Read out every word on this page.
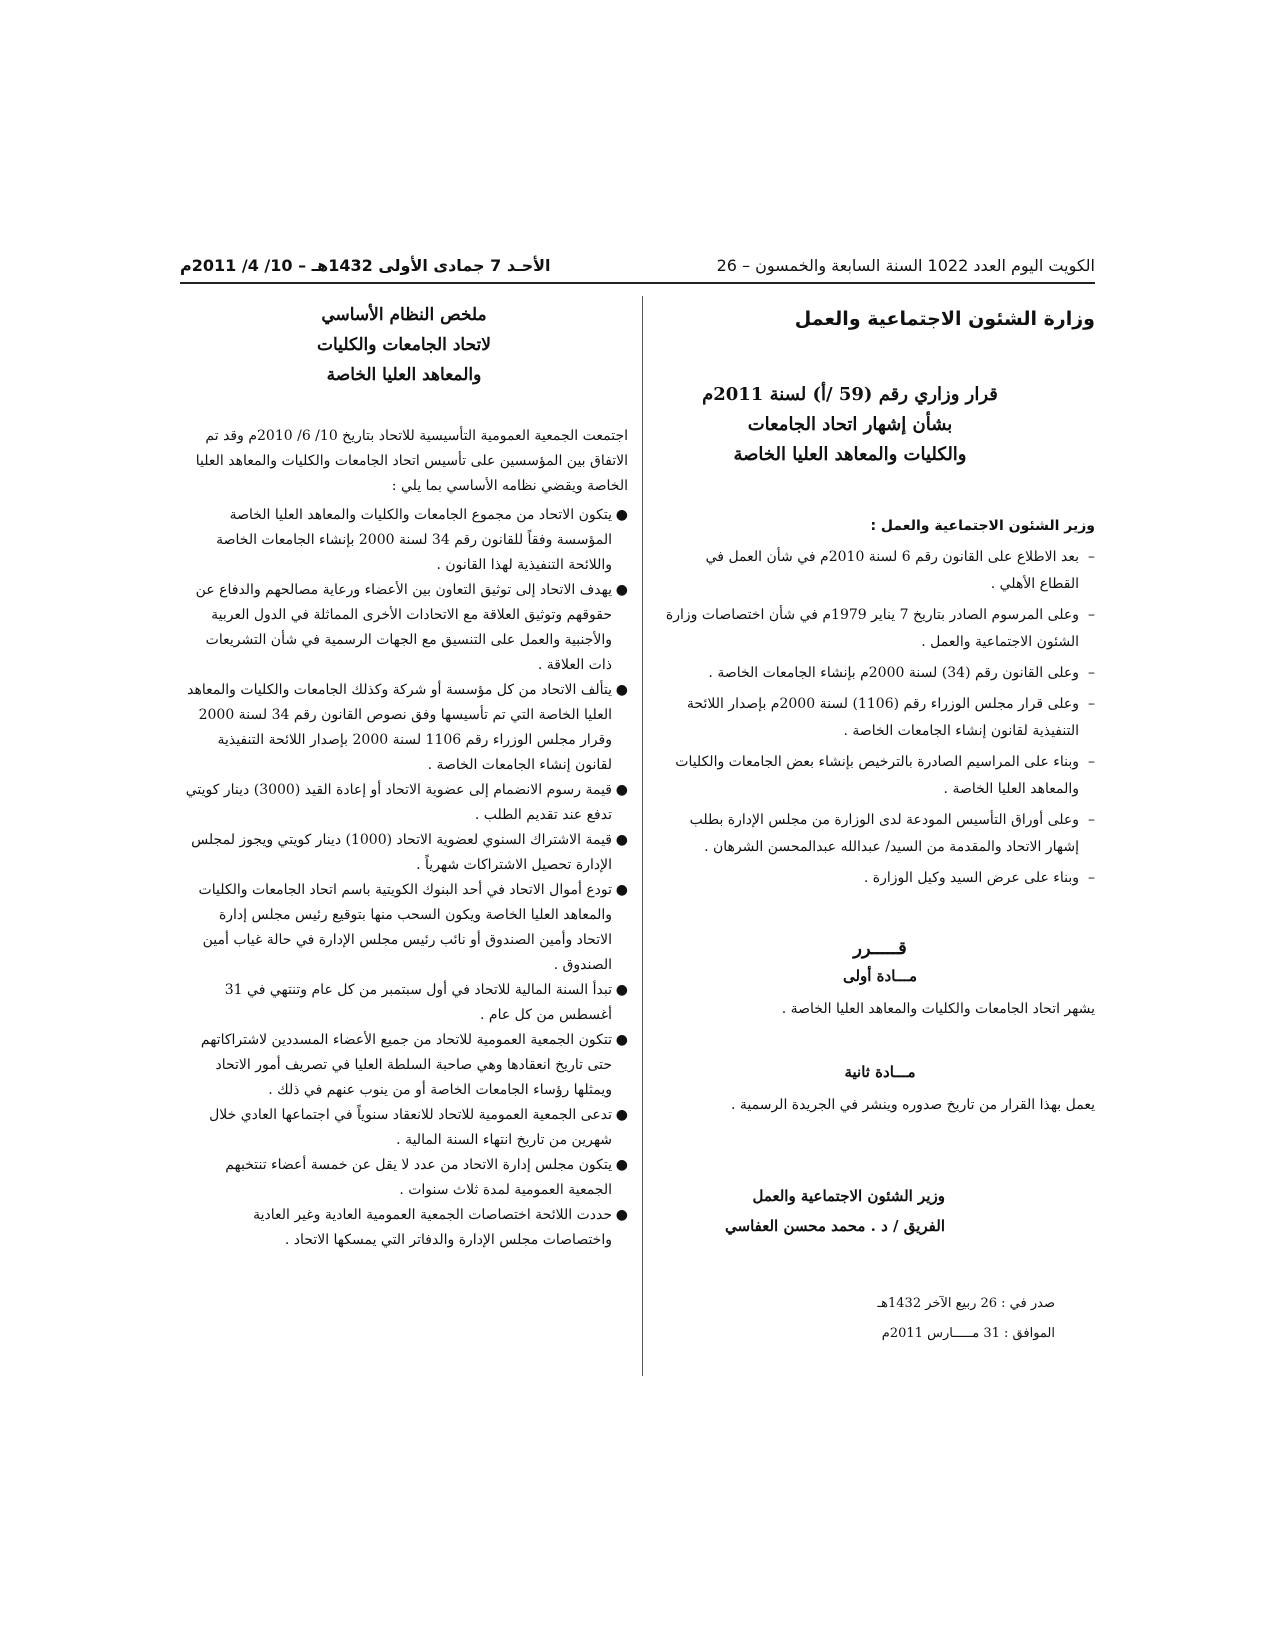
الكويت اليوم العدد 1022 السنة السابعة والخمسون – 26
الأحـد 7 جمادى الأولى 1432هـ – 10/ 4/ 2011م
وزارة الشئون الاجتماعية والعمل
قرار وزاري رقم (59 /أ) لسنة 2011م
بشأن إشهار اتحاد الجامعات
والكليات والمعاهد العليا الخاصة
وزير الشئون الاجتماعية والعمل :
–
بعد الاطلاع على القانون رقم 6 لسنة 2010م في شأن العمل في القطاع الأهلي .
–
وعلى المرسوم الصادر بتاريخ 7 يناير 1979م في شأن اختصاصات وزارة الشئون الاجتماعية والعمل .
–
وعلى القانون رقم (34) لسنة 2000م بإنشاء الجامعات الخاصة .
–
وعلى قرار مجلس الوزراء رقم (1106) لسنة 2000م بإصدار اللائحة التنفيذية لقانون إنشاء الجامعات الخاصة .
–
وبناء على المراسيم الصادرة بالترخيص بإنشاء بعض الجامعات والكليات والمعاهد العليا الخاصة .
–
وعلى أوراق التأسيس المودعة لدى الوزارة من مجلس الإدارة بطلب إشهار الاتحاد والمقدمة من السيد/ عبدالله عبدالمحسن الشرهان .
–
وبناء على عرض السيد وكيل الوزارة .
قـــــرر
مـــادة أولى

يشهر اتحاد الجامعات والكليات والمعاهد العليا الخاصة .

مـــادة ثانية

يعمل بهذا القرار من تاريخ صدوره وينشر في الجريدة الرسمية .

وزير الشئون الاجتماعية والعمل
الفريق / د . محمد محسن العفاسي
صدر في : 26 ربيع الآخر 1432هـ
الموافق : 31 مـــــارس 2011م
ملخص النظام الأساسي
لاتحاد الجامعات والكليات
والمعاهد العليا الخاصة

اجتمعت الجمعية العمومية التأسيسية للاتحاد بتاريخ 10/ 6/ 2010م وقد تم الاتفاق بين المؤسسين على تأسيس اتحاد الجامعات والكليات والمعاهد العليا الخاصة ويقضي نظامه الأساسي بما يلي :

●
يتكون الاتحاد من مجموع الجامعات والكليات والمعاهد العليا الخاصة المؤسسة وفقاً للقانون رقم 34 لسنة 2000 بإنشاء الجامعات الخاصة واللائحة التنفيذية لهذا القانون .
●
يهدف الاتحاد إلى توثيق التعاون بين الأعضاء ورعاية مصالحهم والدفاع عن حقوقهم وتوثيق العلاقة مع الاتحادات الأخرى المماثلة في الدول العربية والأجنبية والعمل على التنسيق مع الجهات الرسمية في شأن التشريعات ذات العلاقة .
●
يتألف الاتحاد من كل مؤسسة أو شركة وكذلك الجامعات والكليات والمعاهد العليا الخاصة التي تم تأسيسها وفق نصوص القانون رقم 34 لسنة 2000 وقرار مجلس الوزراء رقم 1106 لسنة 2000 بإصدار اللائحة التنفيذية لقانون إنشاء الجامعات الخاصة .
●
قيمة رسوم الانضمام إلى عضوية الاتحاد أو إعادة القيد (3000) دينار كويتي تدفع عند تقديم الطلب .
●
قيمة الاشتراك السنوي لعضوية الاتحاد (1000) دينار كويتي ويجوز لمجلس الإدارة تحصيل الاشتراكات شهرياً .
●
تودع أموال الاتحاد في أحد البنوك الكويتية باسم اتحاد الجامعات والكليات والمعاهد العليا الخاصة ويكون السحب منها بتوقيع رئيس مجلس إدارة الاتحاد وأمين الصندوق أو نائب رئيس مجلس الإدارة في حالة غياب أمين الصندوق .
●
تبدأ السنة المالية للاتحاد في أول سبتمبر من كل عام وتنتهي في 31 أغسطس من كل عام .
●
تتكون الجمعية العمومية للاتحاد من جميع الأعضاء المسددين لاشتراكاتهم حتى تاريخ انعقادها وهي صاحبة السلطة العليا في تصريف أمور الاتحاد ويمثلها رؤساء الجامعات الخاصة أو من ينوب عنهم في ذلك .
●
تدعى الجمعية العمومية للاتحاد للانعقاد سنوياً في اجتماعها العادي خلال شهرين من تاريخ انتهاء السنة المالية .
●
يتكون مجلس إدارة الاتحاد من عدد لا يقل عن خمسة أعضاء تنتخبهم الجمعية العمومية لمدة ثلاث سنوات .
●
حددت اللائحة اختصاصات الجمعية العمومية العادية وغير العادية واختصاصات مجلس الإدارة والدفاتر التي يمسكها الاتحاد .
